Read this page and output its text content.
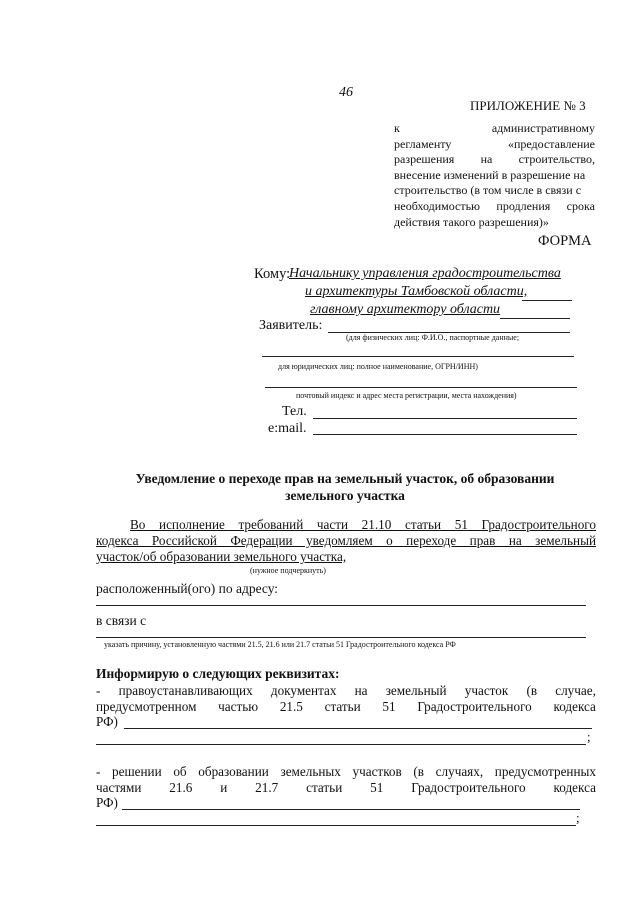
46
ПРИЛОЖЕНИЕ № 3
к	административному
регламенту	«предоставление
разрешения на строительство,
внесение изменений в разрешение на
строительство (в том числе в связи с
необходимостью продления срока
действия такого разрешения)»
ФОРМА
Кому:
Начальнику управления градостроительства
и архитектуры Тамбовской области,
главному архитектору области
Заявитель:
(для физических лиц: Ф.И.О., паспортные данные;
для юридических лиц: полное наименование, ОГРН/ИНН)
почтовый индекс и адрес места регистрации, места нахождения)
Тел.
e:mail.
Уведомление о переходе прав на земельный участок, об образовании
земельного участка
Во исполнение требований части 21.10 статьи 51 Градостроительного
кодекса Российской Федерации уведомляем о переходе прав на земельный
участок/об образовании земельного участка,
(нужное подчеркнуть)
расположенный(ого) по адресу:
в связи с
указать причину, установленную частями 21.5, 21.6 или 21.7 статьи 51 Градостроительного кодекса РФ
Информирую о следующих реквизитах:
- правоустанавливающих документах на земельный участок (в случае,
предусмотренном частью 21.5 статьи 51 Градостроительного кодекса
РФ)
;
- решении об образовании земельных участков (в случаях, предусмотренных
частями 21.6 и 21.7 статьи 51 Градостроительного кодекса
РФ)
;
